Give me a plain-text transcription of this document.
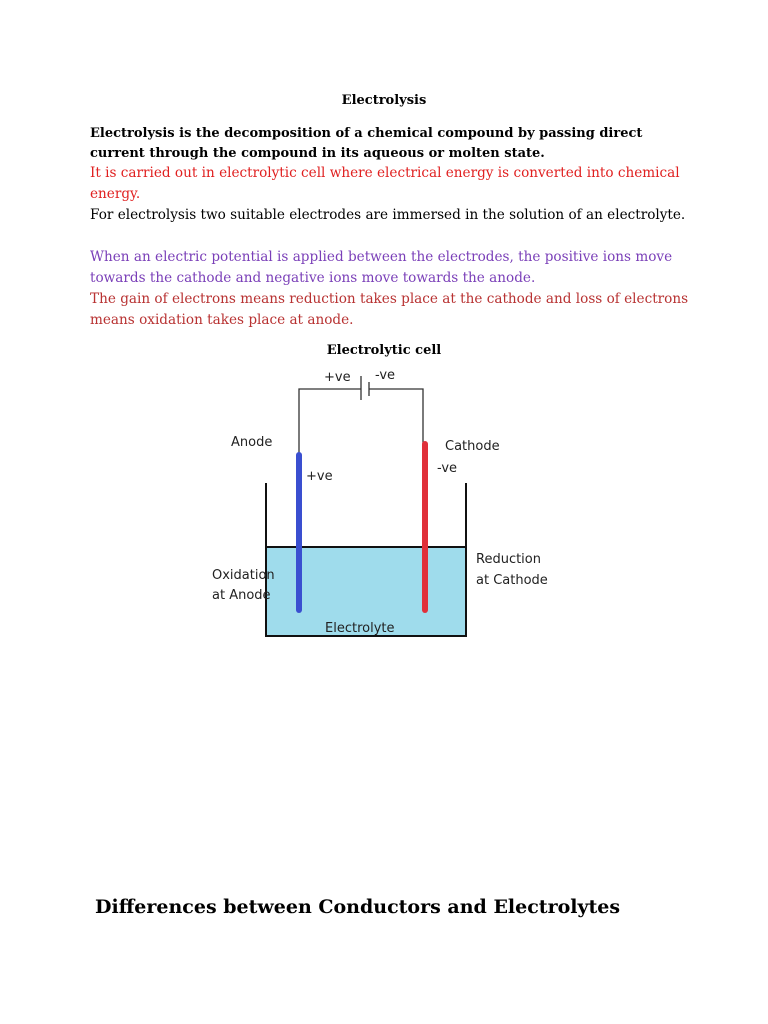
Electrolysis

Electrolysis is the decomposition of a chemical compound by passing direct current through the compound in its aqueous or molten state.

It is carried out in electrolytic cell where electrical energy is converted into chemical energy.

For electrolysis two suitable electrodes are immersed in the solution of an electrolyte.

When an electric potential is applied between the electrodes, the positive ions move towards the cathode and negative ions move towards the anode.

The gain of electrons means reduction takes place at the cathode and loss of electrons means oxidation takes place at anode.

Electrolytic cell
+ve -ve
Anode
+ve
Cathode
-ve
Oxidation
at Anode
Reduction
at Cathode
Electrolyte
Differences between Conductors and Electrolytes
